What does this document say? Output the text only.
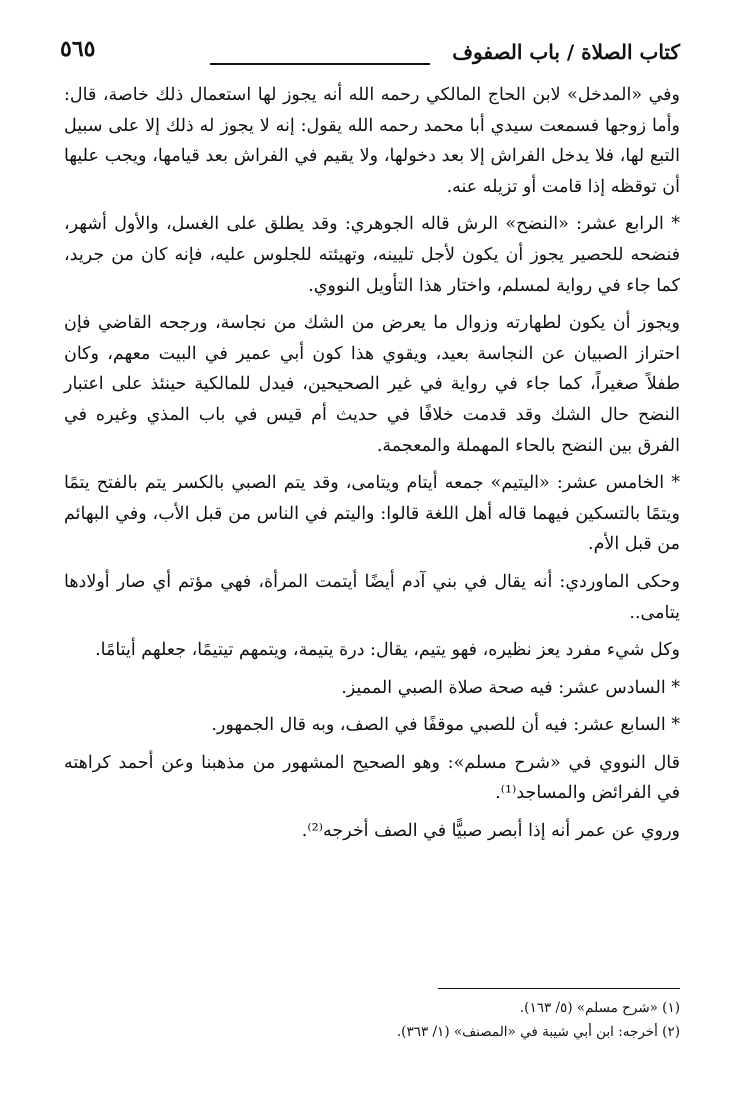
كتاب الصلاة / باب الصفوف
٥٦٥

وفي «المدخل» لابن الحاج المالكي رحمه الله أنه يجوز لها استعمال ذلك خاصة، قال: وأما زوجها فسمعت سيدي أبا محمد رحمه الله يقول: إنه لا يجوز له ذلك إلا على سبيل التبع لها، فلا يدخل الفراش إلا بعد دخولها، ولا يقيم في الفراش بعد قيامها، ويجب عليها أن توقظه إذا قامت أو تزيله عنه.

* الرابع عشر: «النضح» الرش قاله الجوهري: وقد يطلق على الغسل، والأول أشهر، فنضحه للحصير يجوز أن يكون لأجل تليينه، وتهيئته للجلوس عليه، فإنه كان من جريد، كما جاء في رواية لمسلم، واختار هذا التأويل النووي.

ويجوز أن يكون لطهارته وزوال ما يعرض من الشك من نجاسة، ورجحه القاضي فإن احتراز الصبيان عن النجاسة بعيد، ويقوي هذا كون أبي عمير في البيت معهم، وكان طفلاً صغيراً، كما جاء في رواية في غير الصحيحين، فيدل للمالكية حينئذ على اعتبار النضح حال الشك وقد قدمت خلافًا في حديث أم قيس في باب المذي وغيره في الفرق بين النضح بالحاء المهملة والمعجمة.

* الخامس عشر: «اليتيم» جمعه أيتام ويتامى، وقد يتم الصبي بالكسر يتم بالفتح يتمًا ويتمًا بالتسكين فيهما قاله أهل اللغة قالوا: واليتم في الناس من قبل الأب، وفي البهائم من قبل الأم.

وحكى الماوردي: أنه يقال في بني آدم أيضًا أيتمت المرأة، فهي مؤتم أي صار أولادها يتامى..

وكل شيء مفرد يعز نظيره، فهو يتيم، يقال: درة يتيمة، ويتمهم تيتيمًا، جعلهم أيتامًا.

* السادس عشر: فيه صحة صلاة الصبي المميز.

* السابع عشر: فيه أن للصبي موقفًا في الصف، وبه قال الجمهور.

قال النووي في «شرح مسلم»: وهو الصحيح المشهور من مذهبنا وعن أحمد كراهته في الفرائض والمساجد⁽¹⁾.

وروي عن عمر أنه إذا أبصر صبيًّا في الصف أخرجه⁽²⁾.

(١) «شرح مسلم» (٥/ ١٦٣).

(٢) أخرجه: ابن أبي شيبة في «المصنف» (١/ ٣٦٣).
